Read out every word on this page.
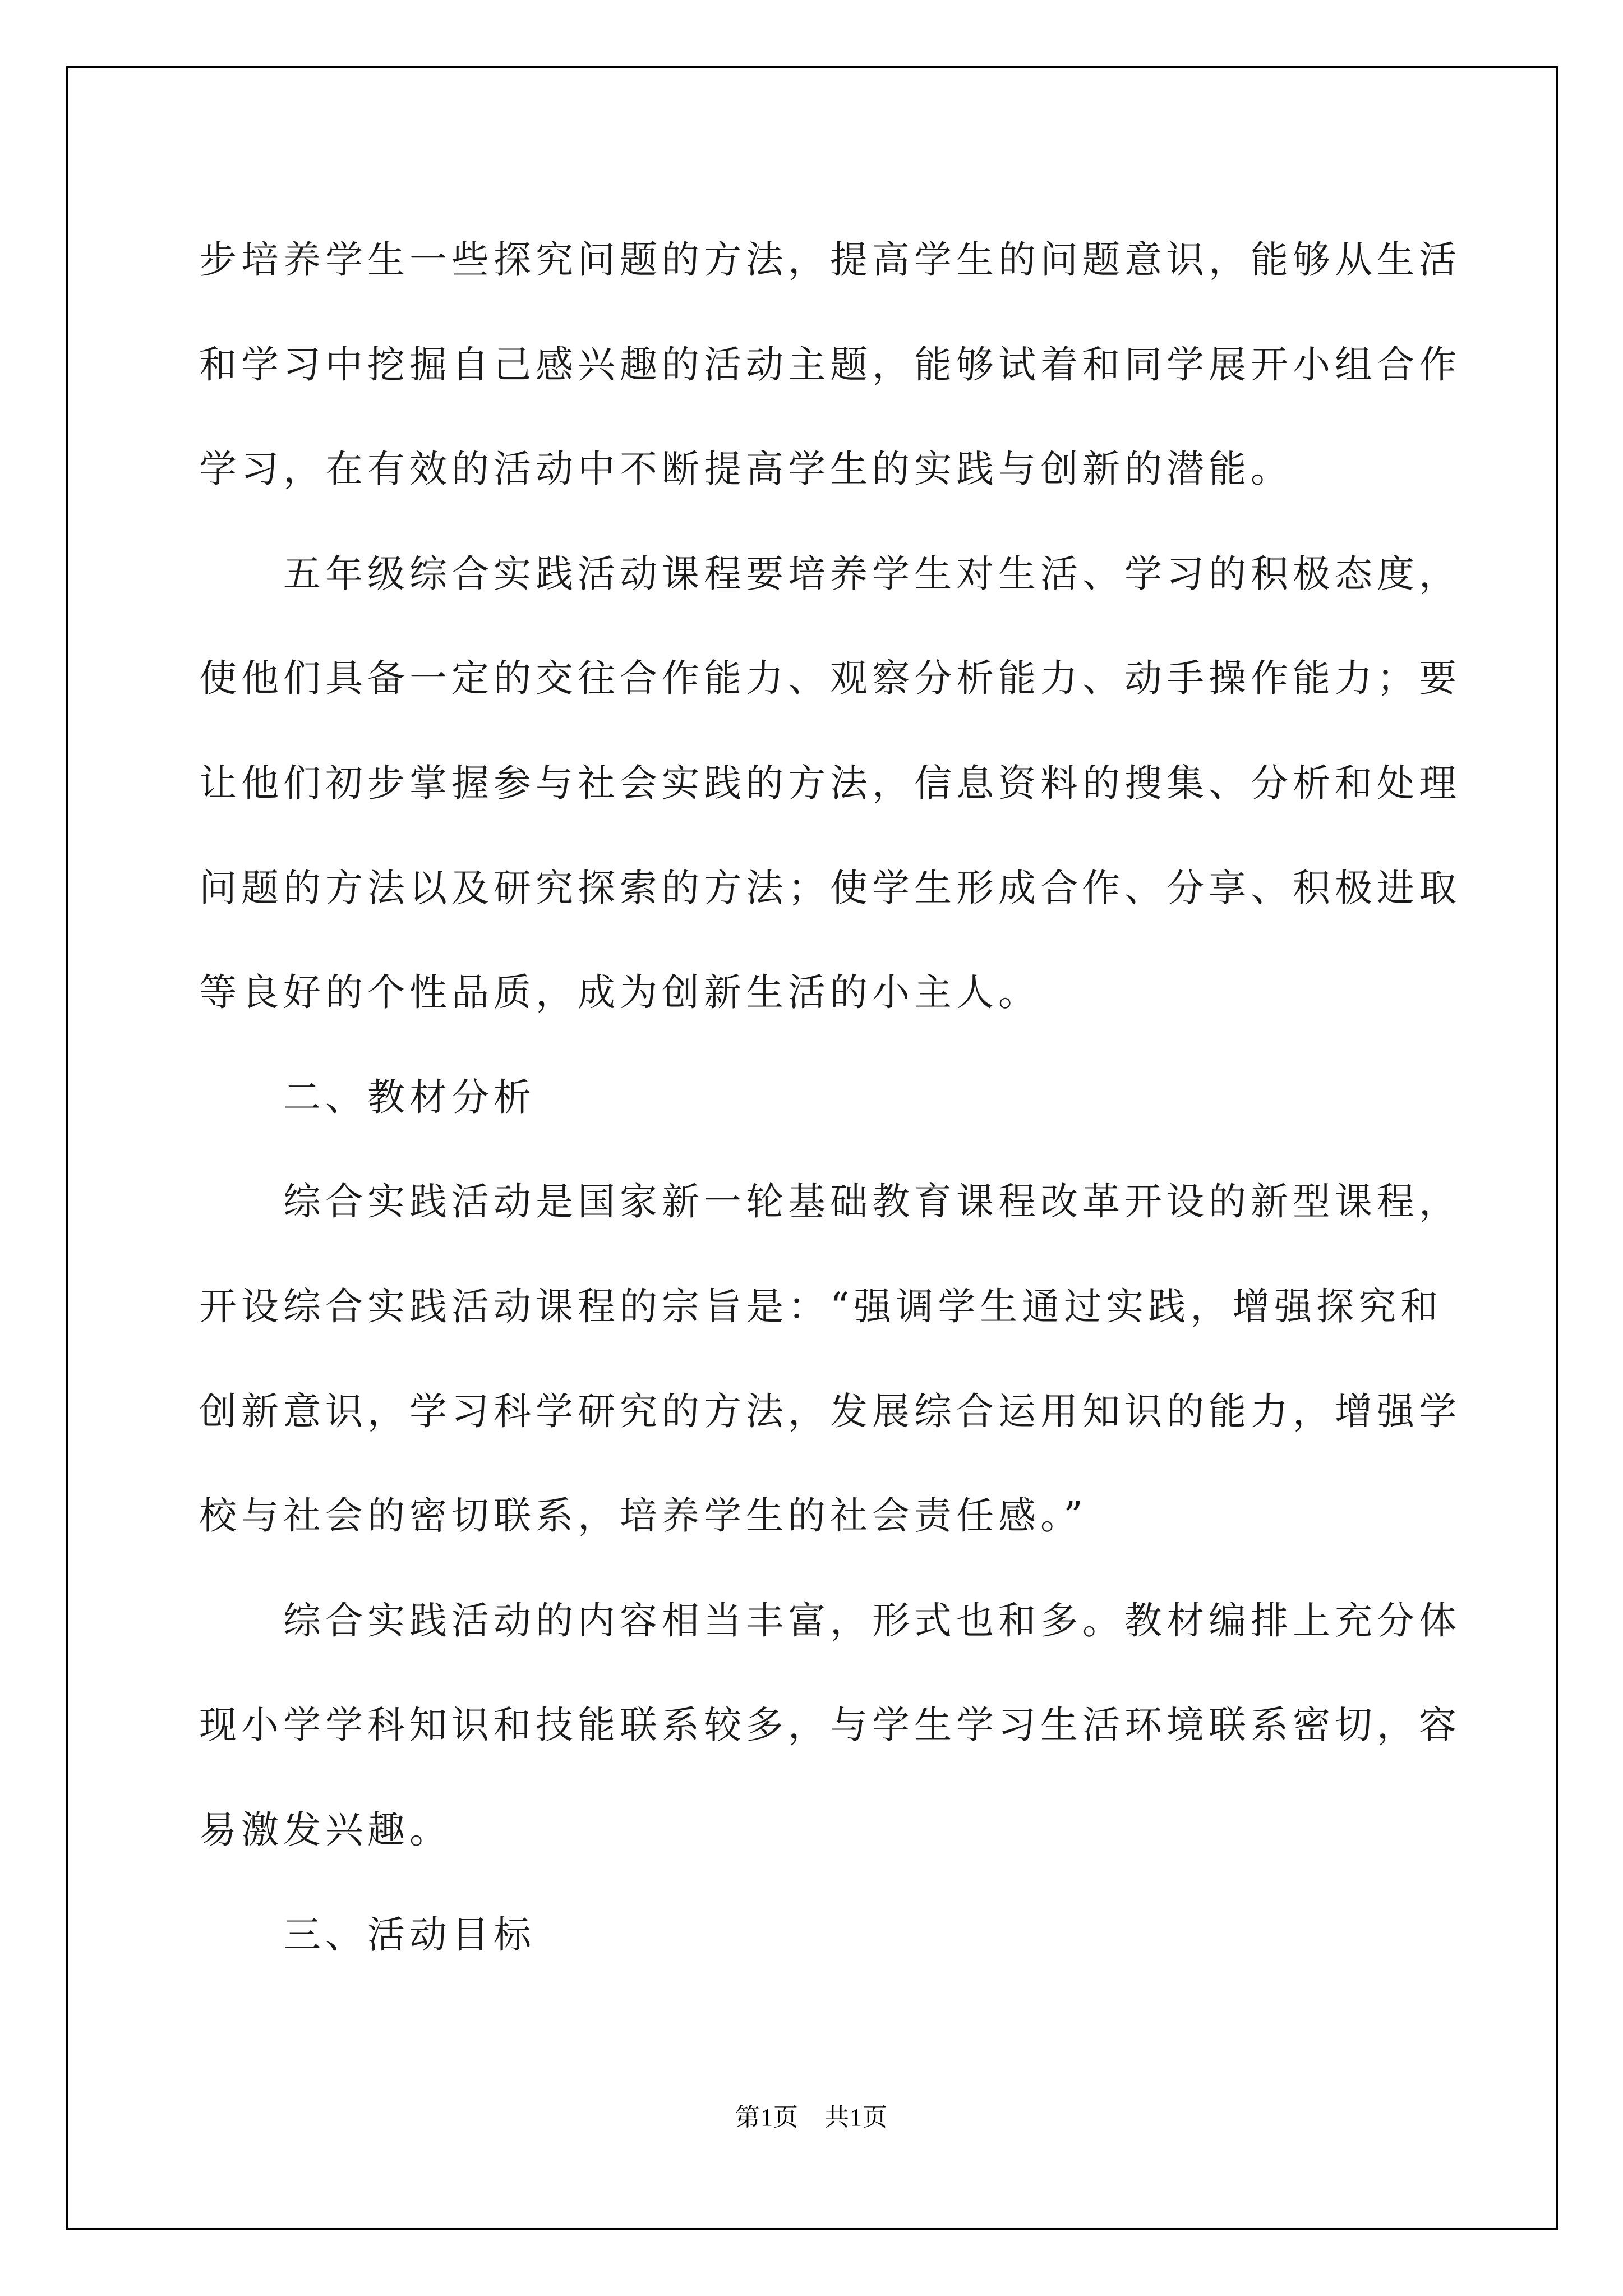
步培养学生一些探究问题的方法，提高学生的问题意识，能够从生活
和学习中挖掘自己感兴趣的活动主题，能够试着和同学展开小组合作
学习，在有效的活动中不断提高学生的实践与创新的潜能。
五年级综合实践活动课程要培养学生对生活、学习的积极态度，
使他们具备一定的交往合作能力、观察分析能力、动手操作能力；要
让他们初步掌握参与社会实践的方法，信息资料的搜集、分析和处理
问题的方法以及研究探索的方法；使学生形成合作、分享、积极进取
等良好的个性品质，成为创新生活的小主人。
二、教材分析
综合实践活动是国家新一轮基础教育课程改革开设的新型课程，
开设综合实践活动课程的宗旨是：“强调学生通过实践，增强探究和
创新意识，学习科学研究的方法，发展综合运用知识的能力，增强学
校与社会的密切联系，培养学生的社会责任感。”
综合实践活动的内容相当丰富，形式也和多。教材编排上充分体
现小学学科知识和技能联系较多，与学生学习生活环境联系密切，容
易激发兴趣。
三、活动目标
第1页 共1页
